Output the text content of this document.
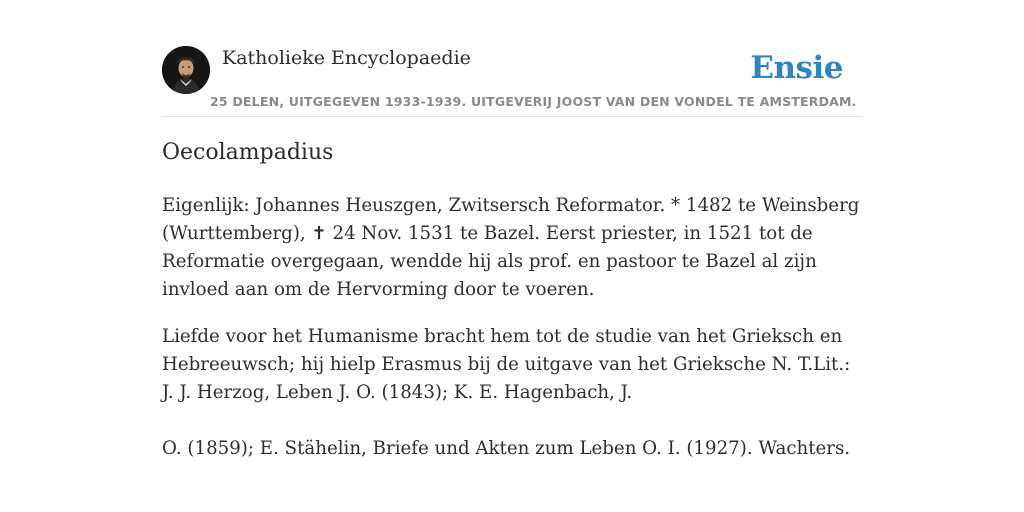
Katholieke Encyclopaedie
25 DELEN, UITGEGEVEN 1933-1939. UITGEVERIJ JOOST VAN DEN VONDEL TE AMSTERDAM.
Ensie
Oecolampadius

Eigenlijk: Johannes Heuszgen, Zwitsersch Reformator. * 1482 te Weinsberg (Wurttemberg), ✝ 24 Nov. 1531 te Bazel. Eerst priester, in 1521 tot de Reformatie overgegaan, wendde hij als prof. en pastoor te Bazel al zijn invloed aan om de Hervorming door te voeren.

Liefde voor het Humanisme bracht hem tot de studie van het Grieksch en Hebreeuwsch; hij hielp Erasmus bij de uitgave van het Grieksche N. T.Lit.: J. J. Herzog, Leben J. O. (1843); K. E. Hagenbach, J.

O. (1859); E. Stähelin, Briefe und Akten zum Leben O. I. (1927). Wachters.
